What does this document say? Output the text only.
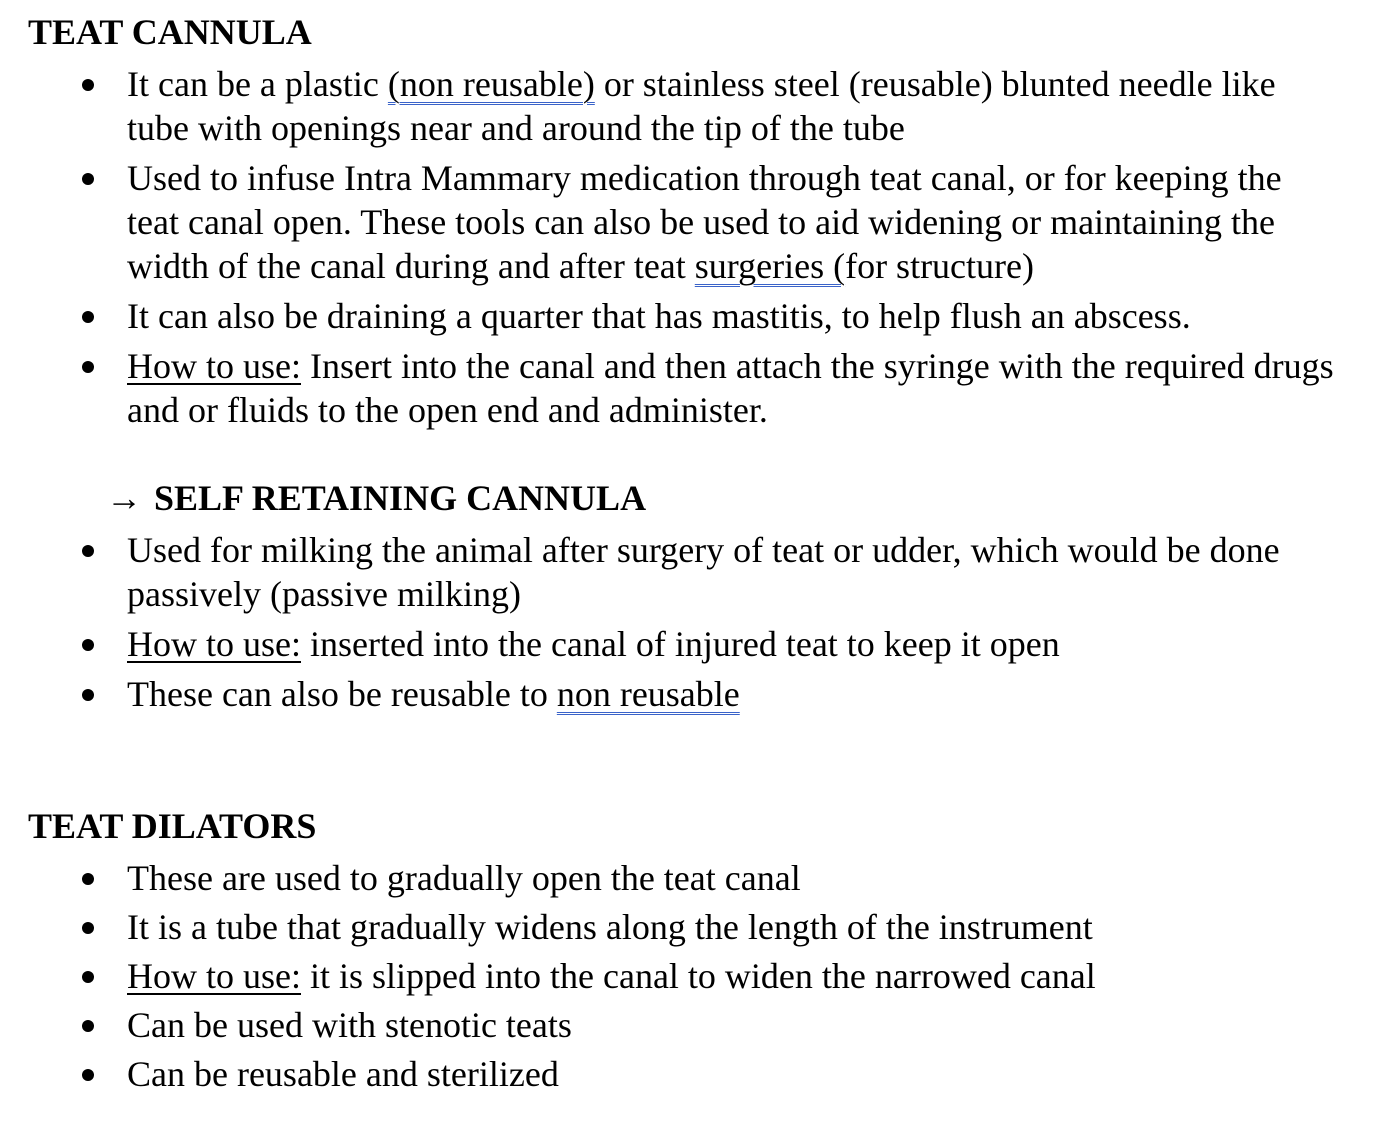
TEAT CANNULA
It can be a plastic (non reusable) or stainless steel (reusable) blunted needle like tube with openings near and around the tip of the tube
Used to infuse Intra Mammary medication through teat canal, or for keeping the teat canal open. These tools can also be used to aid widening or maintaining the width of the canal during and after teat surgeries (for structure)
It can also be draining a quarter that has mastitis, to help flush an abscess.
How to use: Insert into the canal and then attach the syringe with the required drugs and or fluids to the open end and administer.
→ SELF RETAINING CANNULA
Used for milking the animal after surgery of teat or udder, which would be done passively (passive milking)
How to use: inserted into the canal of injured teat to keep it open
These can also be reusable to non reusable
TEAT DILATORS
These are used to gradually open the teat canal
It is a tube that gradually widens along the length of the instrument
How to use: it is slipped into the canal to widen the narrowed canal
Can be used with stenotic teats
Can be reusable and sterilized
